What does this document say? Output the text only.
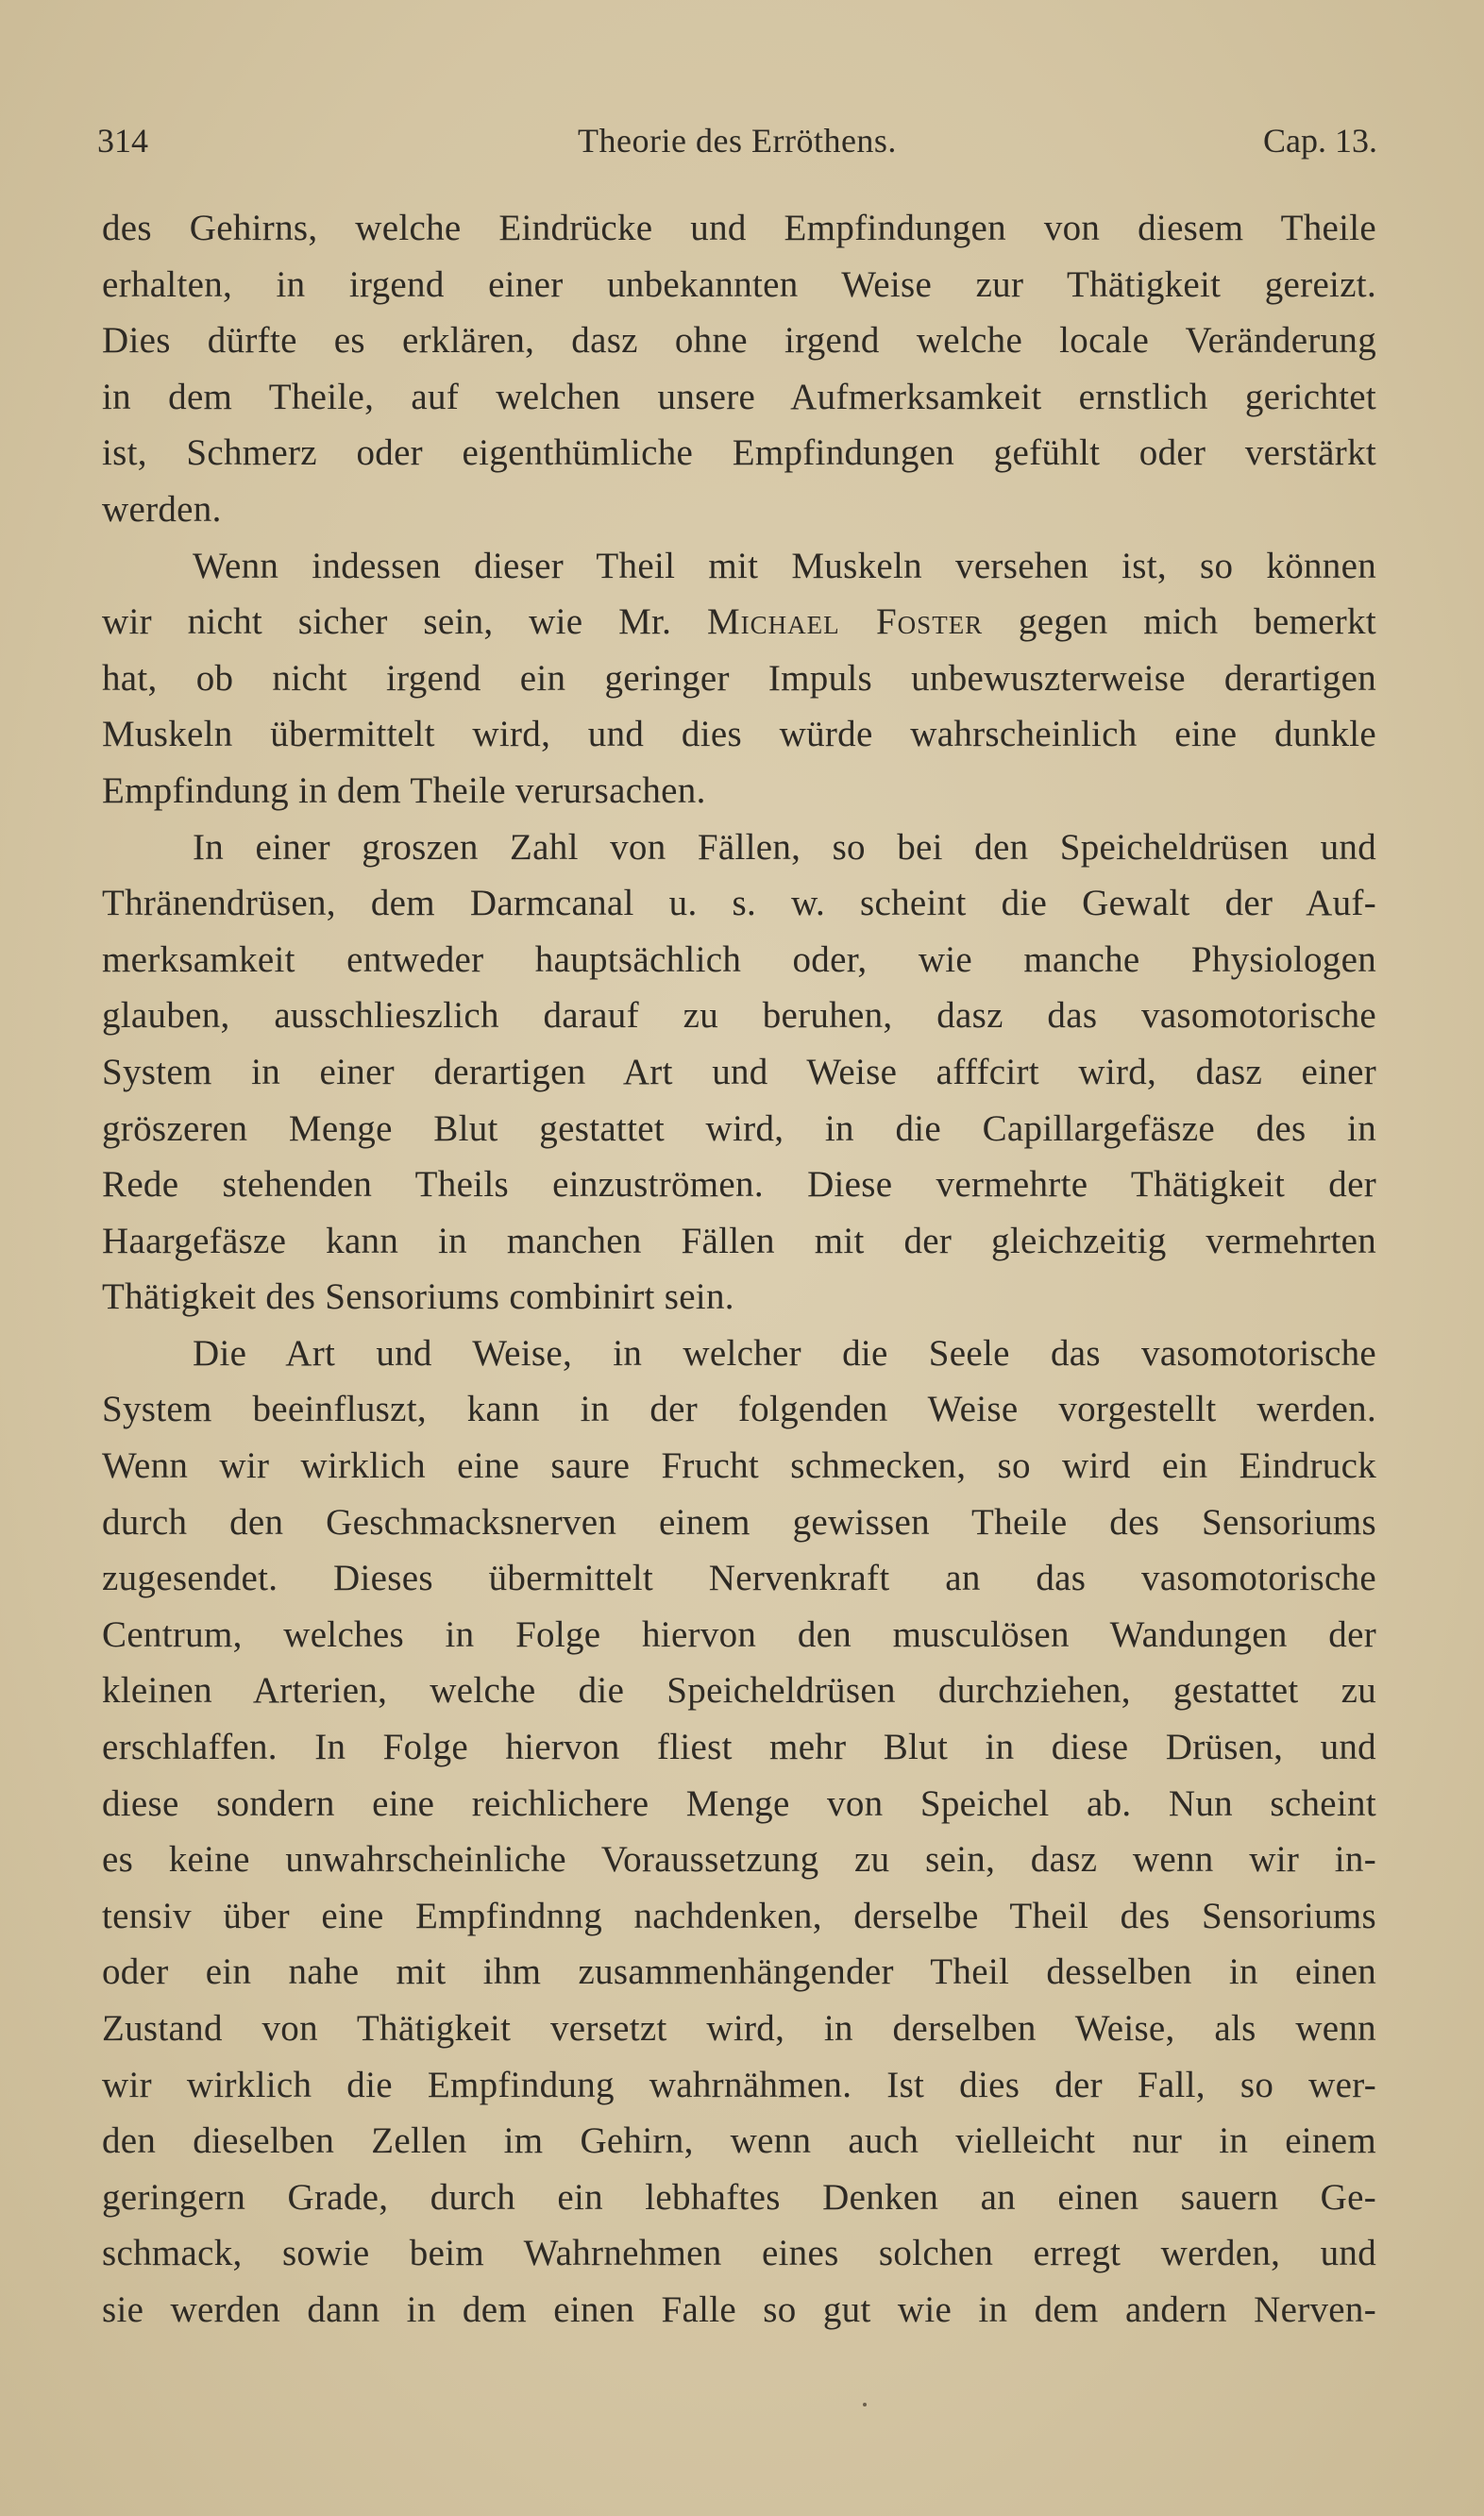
314	Theorie des Erröthens.	Cap. 13.
des Gehirns, welche Eindrücke und Empfindungen von diesem Theile
erhalten, in irgend einer unbekannten Weise zur Thätigkeit gereizt.
Dies dürfte es erklären, dasz ohne irgend welche locale Veränderung
in dem Theile, auf welchen unsere Aufmerksamkeit ernstlich gerichtet
ist, Schmerz oder eigenthümliche Empfindungen gefühlt oder verstärkt
werden.
Wenn indessen dieser Theil mit Muskeln versehen ist, so können
wir nicht sicher sein, wie Mr. Michael Foster gegen mich bemerkt
hat, ob nicht irgend ein geringer Impuls unbewuszterweise derartigen
Muskeln übermittelt wird, und dies würde wahrscheinlich eine dunkle
Empfindung in dem Theile verursachen.
In einer groszen Zahl von Fällen, so bei den Speicheldrüsen und
Thränendrüsen, dem Darmcanal u. s. w. scheint die Gewalt der Auf-
merksamkeit entweder hauptsächlich oder, wie manche Physiologen
glauben, ausschlieszlich darauf zu beruhen, dasz das vasomotorische
System in einer derartigen Art und Weise afffcirt wird, dasz einer
gröszeren Menge Blut gestattet wird, in die Capillargefäsze des in
Rede stehenden Theils einzuströmen. Diese vermehrte Thätigkeit der
Haargefäsze kann in manchen Fällen mit der gleichzeitig vermehrten
Thätigkeit des Sensoriums combinirt sein.
Die Art und Weise, in welcher die Seele das vasomotorische
System beeinfluszt, kann in der folgenden Weise vorgestellt werden.
Wenn wir wirklich eine saure Frucht schmecken, so wird ein Eindruck
durch den Geschmacksnerven einem gewissen Theile des Sensoriums
zugesendet. Dieses übermittelt Nervenkraft an das vasomotorische
Centrum, welches in Folge hiervon den musculösen Wandungen der
kleinen Arterien, welche die Speicheldrüsen durchziehen, gestattet zu
erschlaffen. In Folge hiervon fliest mehr Blut in diese Drüsen, und
diese sondern eine reichlichere Menge von Speichel ab. Nun scheint
es keine unwahrscheinliche Voraussetzung zu sein, dasz wenn wir in-
tensiv über eine Empfindnng nachdenken, derselbe Theil des Sensoriums
oder ein nahe mit ihm zusammenhängender Theil desselben in einen
Zustand von Thätigkeit versetzt wird, in derselben Weise, als wenn
wir wirklich die Empfindung wahrnähmen. Ist dies der Fall, so wer-
den dieselben Zellen im Gehirn, wenn auch vielleicht nur in einem
geringern Grade, durch ein lebhaftes Denken an einen sauern Ge-
schmack, sowie beim Wahrnehmen eines solchen erregt werden, und
sie werden dann in dem einen Falle so gut wie in dem andern Nerven-
